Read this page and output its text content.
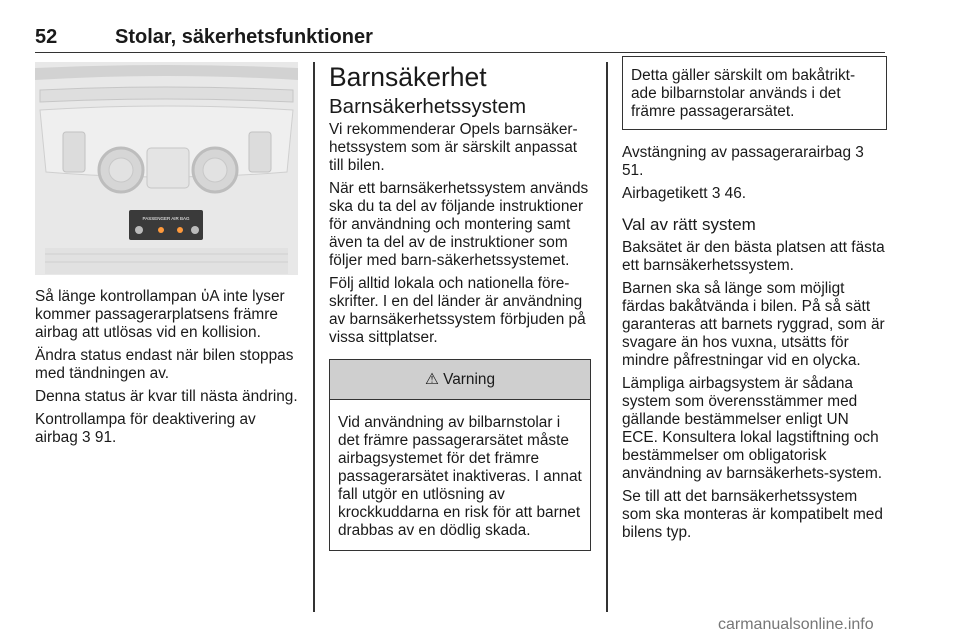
52	Stolar, säkerhetsfunktioner
PASSENGER AIR BAG

Så länge kontrollampan ὑA inte lyser kommer passagerarplatsens främre airbag att utlösas vid en kollision.

Ändra status endast när bilen stoppas med tändningen av.

Denna status är kvar till nästa ändring.

Kontrollampa för deaktivering av airbag 3 91.

Barnsäkerhet
Barnsäkerhetssystem

Vi rekommenderar Opels barnsäker-hetssystem som är särskilt anpassat till bilen.

När ett barnsäkerhetssystem används ska du ta del av följande instruktioner för användning och montering samt även ta del av de instruktioner som följer med barn-säkerhetssystemet.

Följ alltid lokala och nationella före-skrifter. I en del länder är användning av barnsäkerhetssystem förbjuden på vissa sittplatser.

⚠ Varning
Vid användning av bilbarnstolar i det främre passagerarsätet måste airbagsystemet för det främre passagerarsätet inaktiveras. I annat fall utgör en utlösning av krockkuddarna en risk för att barnet drabbas av en dödlig skada.
Detta gäller särskilt om bakåtrikt-ade bilbarnstolar används i det främre passagerarsätet.

Avstängning av passagerarairbag 3 51.

Airbagetikett 3 46.

Val av rätt system

Baksätet är den bästa platsen att fästa ett barnsäkerhetssystem.

Barnen ska så länge som möjligt färdas bakåtvända i bilen. På så sätt garanteras att barnets ryggrad, som är svagare än hos vuxna, utsätts för mindre påfrestningar vid en olycka.

Lämpliga airbagsystem är sådana system som överensstämmer med gällande bestämmelser enligt UN ECE. Konsultera lokal lagstiftning och bestämmelser om obligatorisk användning av barnsäkerhets-system.

Se till att det barnsäkerhetssystem som ska monteras är kompatibelt med bilens typ.

carmanualsonline.info
